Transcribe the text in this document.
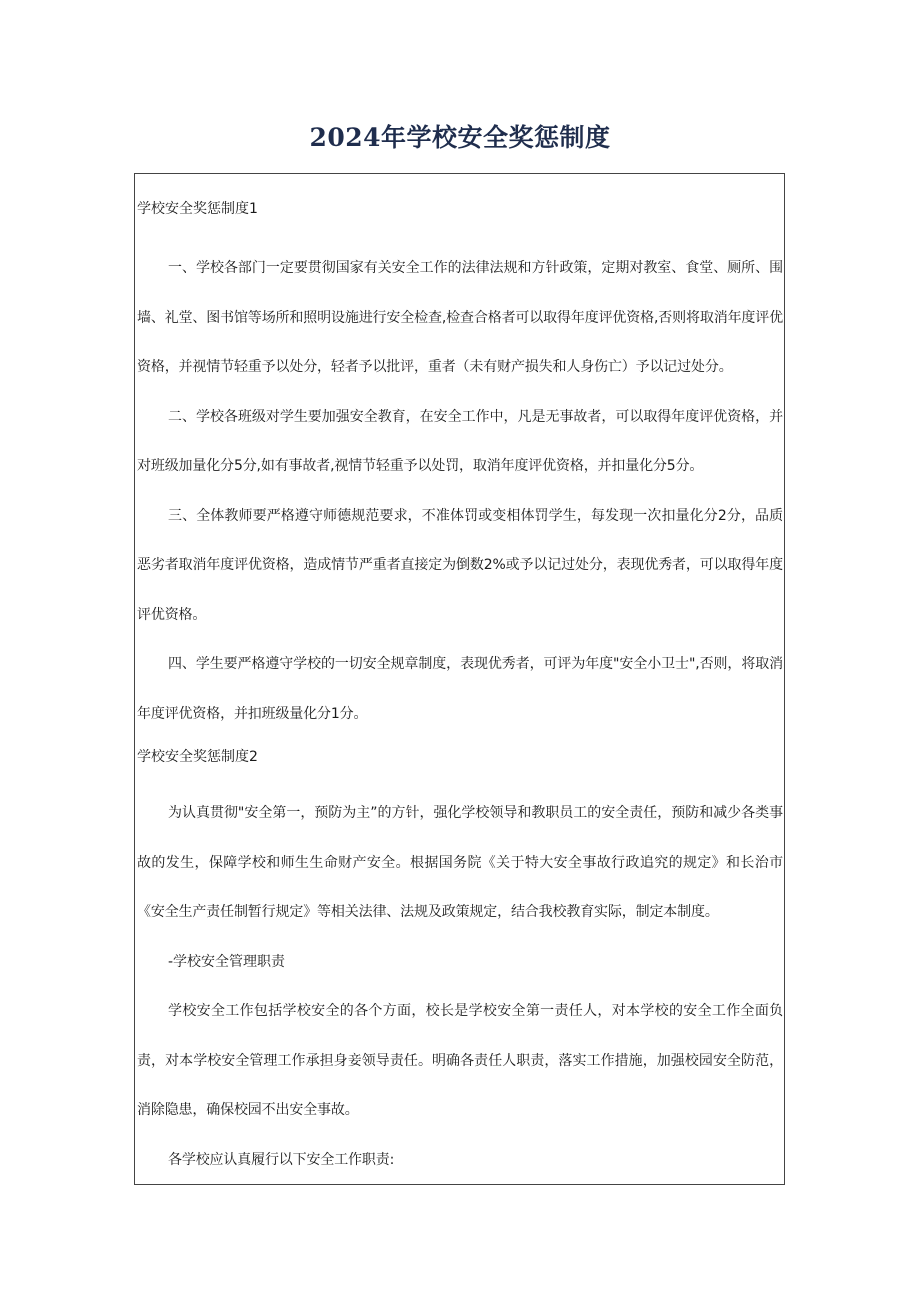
2024年学校安全奖惩制度

学校安全奖惩制度1

一、学校各部门一定要贯彻国家有关安全工作的法律法规和方针政策，定期对教室、食堂、厕所、围墙、礼堂、图书馆等场所和照明设施进行安全检查,检查合格者可以取得年度评优资格,否则将取消年度评优资格，并视情节轻重予以处分，轻者予以批评，重者（未有财产损失和人身伤亡）予以记过处分。

二、学校各班级对学生要加强安全教育，在安全工作中，凡是无事故者，可以取得年度评优资格，并对班级加量化分5分,如有事故者,视情节轻重予以处罚，取消年度评优资格，并扣量化分5分。

三、全体教师要严格遵守师德规范要求，不准体罚或变相体罚学生，每发现一次扣量化分2分，品质恶劣者取消年度评优资格，造成情节严重者直接定为倒数2%或予以记过处分，表现优秀者，可以取得年度评优资格。

四、学生要严格遵守学校的一切安全规章制度，表现优秀者，可评为年度"安全小卫士",否则，将取消年度评优资格，并扣班级量化分1分。

学校安全奖惩制度2

为认真贯彻"安全第一，预防为主”的方针，强化学校领导和教职员工的安全责任，预防和减少各类事故的发生，保障学校和师生生命财产安全。根据国务院《关于特大安全事故行政追究的规定》和长治市《安全生产责任制暂行规定》等相关法律、法规及政策规定，结合我校教育实际，制定本制度。

-学校安全管理职责

学校安全工作包括学校安全的各个方面，校长是学校安全第一责任人，对本学校的安全工作全面负责，对本学校安全管理工作承担身妾领导责任。明确各责任人职责，落实工作措施，加强校园安全防范，消除隐患，确保校园不出安全事故。

各学校应认真履行以下安全工作职责:
